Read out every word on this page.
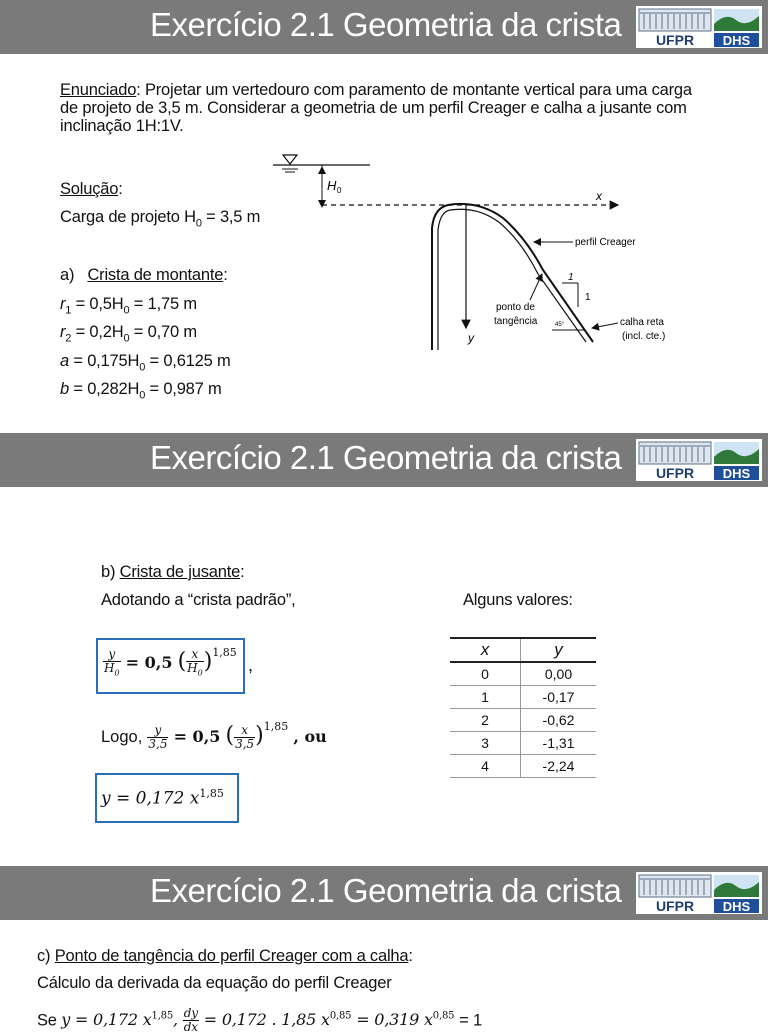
Exercício 2.1 Geometria da crista UFPR DHS
Enunciado: Projetar um vertedouro com paramento de montante vertical para uma carga
de projeto de 3,5 m. Considerar a geometria de um perfil Creager e calha a jusante com
inclinação 1H:1V.
Solução:
Carga de projeto $H_0 = 3,5$ m
a) Crista de montante:
$r_1 = 0,5H_0 = 1,75$ m
$r_2 = 0,2H_0 = 0,70$ m
$a = 0,175H_0 = 0,6125$ m
$b = 0,282H_0 = 0,987$ m
H 0	x
y
perfil Creager
ponto de
tangência
1
1
45°	calha reta
(incl. cte.)
Exercício 2.1 Geometria da crista UFPR DHS
b) Crista de jusante:
Adotando a “crista padrão”,	Alguns valores:
$\frac{y}{H_0} = 0,5$ ( $\frac{x}{H_0} )^{1,85}$
,
Logo, $\frac{y}{3,5} = 0,5$ ( $\frac{x}{3,5} )^{1,85}$ , ou
y = 0,172 $x^{1,85}$
x	y
0	0,00
1	-0,17
2	-0,62
3	-1,31
4	-2,24
Exercício 2.1 Geometria da crista UFPR DHS
c) Ponto de tangência do perfil Creager com a calha:
Cálculo da derivada da equação do perfil Creager
Se y = 0,172 $x^{1,85}$, $\frac{dy}{dx} = 0,172$ . 1,85 $x^{0,85} = 0,319$ $x^{0,85} = 1$
